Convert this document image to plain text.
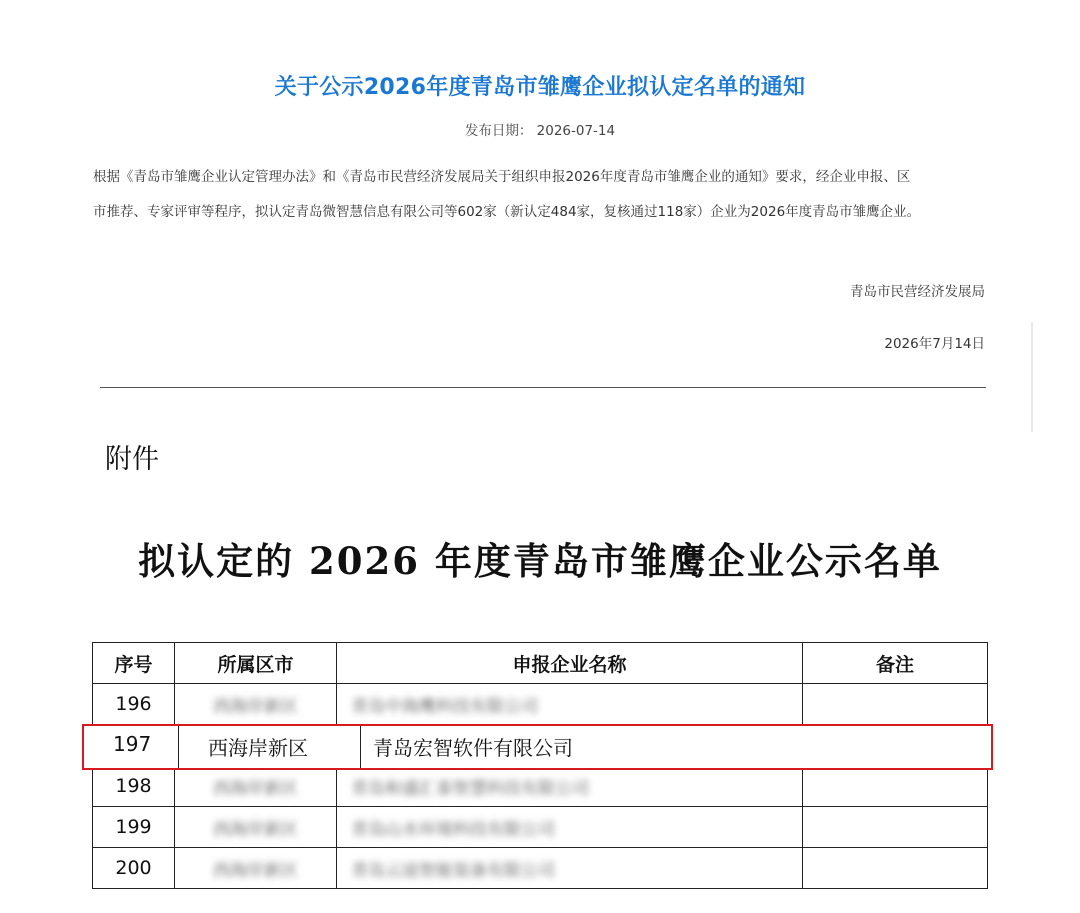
关于公示2026年度青岛市雏鹰企业拟认定名单的通知
发布日期： 2026-07-14
根据《青岛市雏鹰企业认定管理办法》和《青岛市民营经济发展局关于组织申报2026年度青岛市雏鹰企业的通知》要求，经企业申报、区
市推荐、专家评审等程序，拟认定青岛微智慧信息有限公司等602家（新认定484家，复核通过118家）企业为2026年度青岛市雏鹰企业。
青岛市民营经济发展局
2026年7月14日
附件
拟认定的 2026 年度青岛市雏鹰企业公示名单
序号	所属区市	申报企业名称	备注
196	西海岸新区	青岛中海鹰科技有限公司	

198	西海岸新区	青岛和盛汇泰智慧科技有限公司	
199	西海岸新区	青岛山水环境科技有限公司	
200	西海岸新区	青岛云途智能装备有限公司	
197	西海岸新区	青岛宏智软件有限公司
